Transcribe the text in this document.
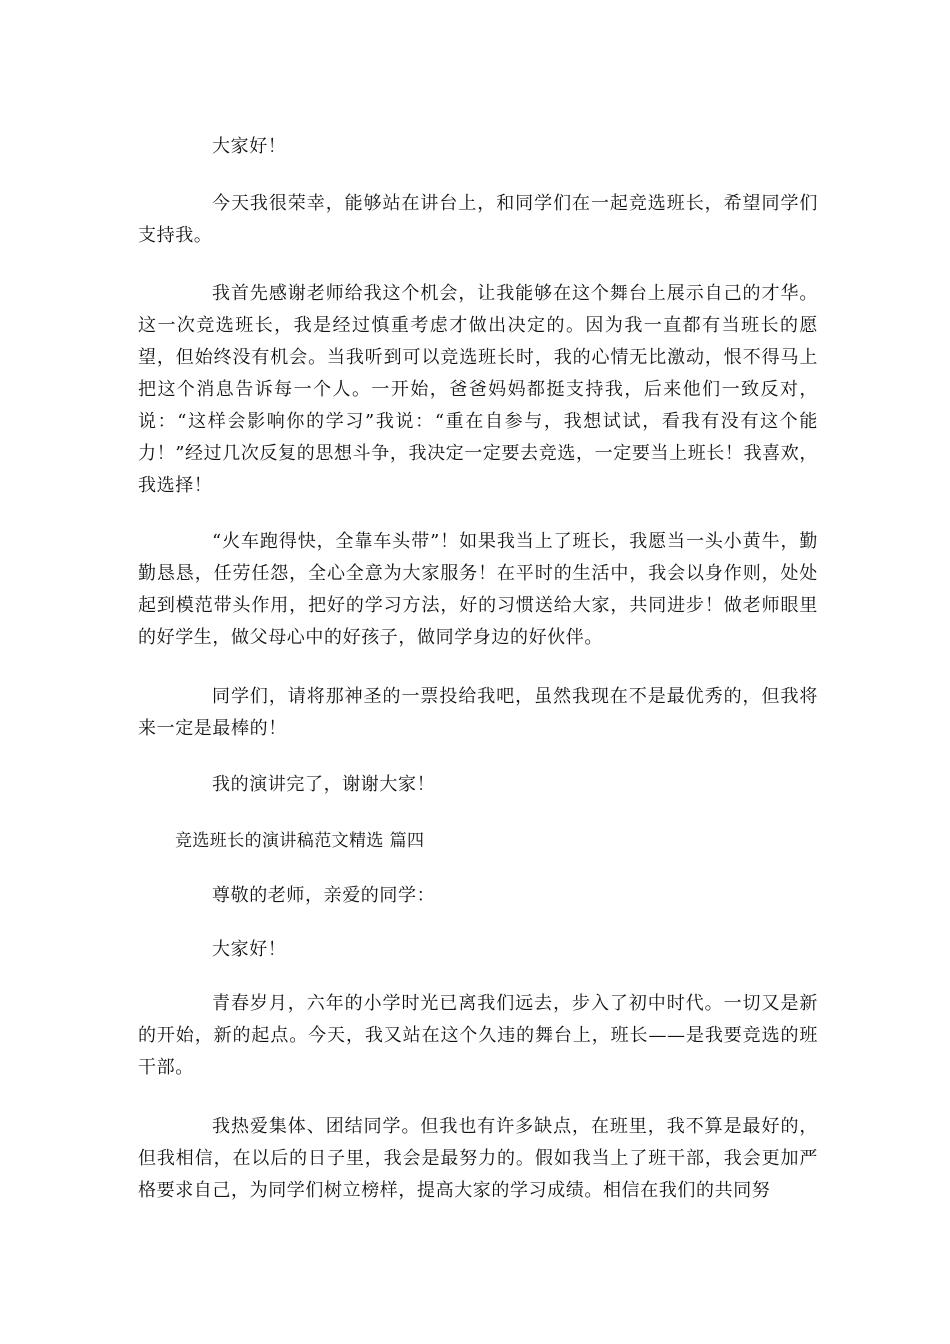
大家好！

今天我很荣幸，能够站在讲台上，和同学们在一起竞选班长，希望同学们支持我。

我首先感谢老师给我这个机会，让我能够在这个舞台上展示自己的才华。这一次竞选班长，我是经过慎重考虑才做出决定的。因为我一直都有当班长的愿望，但始终没有机会。当我听到可以竞选班长时，我的心情无比激动，恨不得马上把这个消息告诉每一个人。一开始，爸爸妈妈都挺支持我，后来他们一致反对，说：“这样会影响你的学习”我说：“重在自参与，我想试试，看我有没有这个能力！”经过几次反复的思想斗争，我决定一定要去竞选，一定要当上班长！我喜欢，我选择！

“火车跑得快，全靠车头带”！如果我当上了班长，我愿当一头小黄牛，勤勤恳恳，任劳任怨，全心全意为大家服务！在平时的生活中，我会以身作则，处处起到模范带头作用，把好的学习方法，好的习惯送给大家，共同进步！做老师眼里的好学生，做父母心中的好孩子，做同学身边的好伙伴。

同学们，请将那神圣的一票投给我吧，虽然我现在不是最优秀的，但我将来一定是最棒的！

我的演讲完了，谢谢大家！

竞选班长的演讲稿范文精选 篇四

尊敬的老师，亲爱的同学：

大家好！

青春岁月，六年的小学时光已离我们远去，步入了初中时代。一切又是新的开始，新的起点。今天，我又站在这个久违的舞台上，班长——是我要竞选的班干部。

我热爱集体、团结同学。但我也有许多缺点，在班里，我不算是最好的，但我相信，在以后的日子里，我会是最努力的。假如我当上了班干部，我会更加严格要求自己，为同学们树立榜样，提高大家的学习成绩。相信在我们的共同努
